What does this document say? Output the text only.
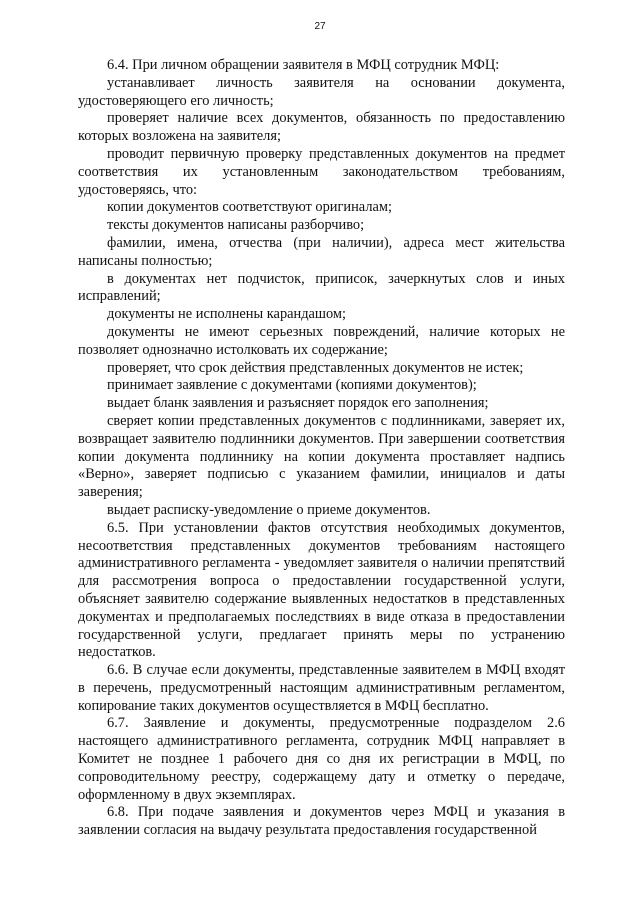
27

6.4. При личном обращении заявителя в МФЦ сотрудник МФЦ:

устанавливает личность заявителя на основании документа, удостоверяющего его личность;

проверяет наличие всех документов, обязанность по предоставлению которых возложена на заявителя;

проводит первичную проверку представленных документов на предмет соответствия их установленным законодательством требованиям, удостоверяясь, что:

копии документов соответствуют оригиналам;

тексты документов написаны разборчиво;

фамилии, имена, отчества (при наличии), адреса мест жительства написаны полностью;

в документах нет подчисток, приписок, зачеркнутых слов и иных исправлений;

документы не исполнены карандашом;

документы не имеют серьезных повреждений, наличие которых не позволяет однозначно истолковать их содержание;

проверяет, что срок действия представленных документов не истек;

принимает заявление с документами (копиями документов);

выдает бланк заявления и разъясняет порядок его заполнения;

сверяет копии представленных документов с подлинниками, заверяет их, возвращает заявителю подлинники документов. При завершении соответствия копии документа подлиннику на копии документа проставляет надпись «Верно», заверяет подписью с указанием фамилии, инициалов и даты заверения;

выдает расписку-уведомление о приеме документов.

6.5. При установлении фактов отсутствия необходимых документов, несоответствия представленных документов требованиям настоящего административного регламента - уведомляет заявителя о наличии препятствий для рассмотрения вопроса о предоставлении государственной услуги, объясняет заявителю содержание выявленных недостатков в представленных документах и предполагаемых последствиях в виде отказа в предоставлении государственной услуги, предлагает принять меры по устранению недостатков.

6.6. В случае если документы, представленные заявителем в МФЦ входят в перечень, предусмотренный настоящим административным регламентом, копирование таких документов осуществляется в МФЦ бесплатно.

6.7. Заявление и документы, предусмотренные подразделом 2.6 настоящего административного регламента, сотрудник МФЦ направляет в Комитет не позднее 1 рабочего дня со дня их регистрации в МФЦ, по сопроводительному реестру, содержащему дату и отметку о передаче, оформленному в двух экземплярах.

6.8. При подаче заявления и документов через МФЦ и указания в заявлении согласия на выдачу результата предоставления государственной
